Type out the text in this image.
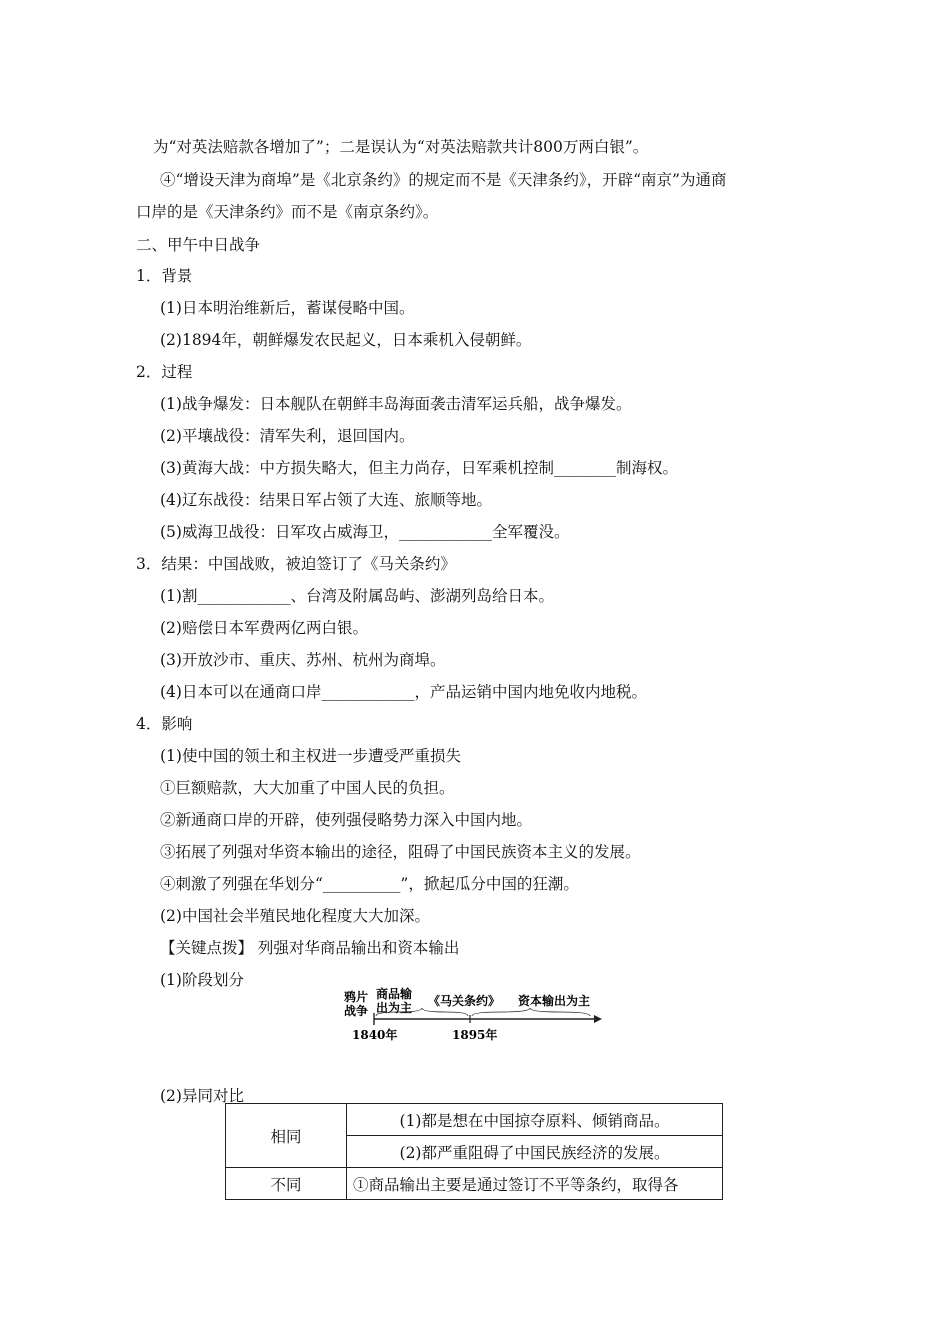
为“对英法赔款各增加了”；二是误认为“对英法赔款共计800万两白银”。
④“增设天津为商埠”是《北京条约》的规定而不是《天津条约》，开辟“南京”为通商
口岸的是《天津条约》而不是《南京条约》。
二、甲午中日战争
1．背景
(1)日本明治维新后，蓄谋侵略中国。
(2)1894年，朝鲜爆发农民起义，日本乘机入侵朝鲜。
2．过程
(1)战争爆发：日本舰队在朝鲜丰岛海面袭击清军运兵船，战争爆发。
(2)平壤战役：清军失利，退回国内。
(3)黄海大战：中方损失略大，但主力尚存，日军乘机控制________制海权。
(4)辽东战役：结果日军占领了大连、旅顺等地。
(5)威海卫战役：日军攻占威海卫，____________全军覆没。
3．结果：中国战败，被迫签订了《马关条约》
(1)割____________、台湾及附属岛屿、澎湖列岛给日本。
(2)赔偿日本军费两亿两白银。
(3)开放沙市、重庆、苏州、杭州为商埠。
(4)日本可以在通商口岸____________，产品运销中国内地免收内地税。
4．影响
(1)使中国的领土和主权进一步遭受严重损失
①巨额赔款，大大加重了中国人民的负担。
②新通商口岸的开辟，使列强侵略势力深入中国内地。
③拓展了列强对华资本输出的途径，阻碍了中国民族资本主义的发展。
④刺激了列强在华划分“__________”，掀起瓜分中国的狂潮。
(2)中国社会半殖民地化程度大大加深。
【关键点拨】 列强对华商品输出和资本输出
(1)阶段划分
鸦片
战争
商品输
出为主 《马关条约》 资本输出为主
1840年	1895年
(2)异同对比
相同	(1)都是想在中国掠夺原料、倾销商品。
	(2)都严重阻碍了中国民族经济的发展。
不同	①商品输出主要是通过签订不平等条约，取得各
